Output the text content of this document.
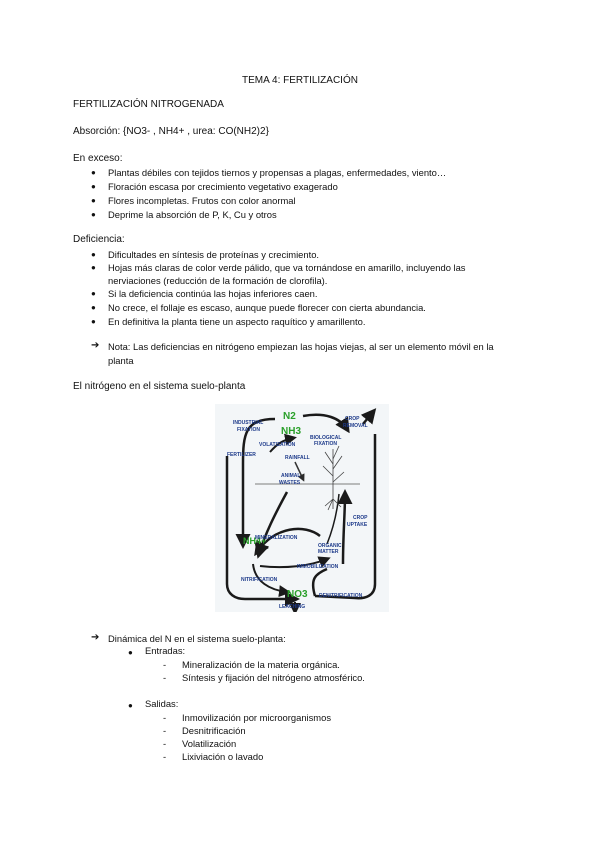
TEMA 4: FERTILIZACIÓN
FERTILIZACIÓN NITROGENADA
Absorción: {NO3- , NH4+ , urea: CO(NH2)2}
En exceso:
● Plantas débiles con tejidos tiernos y propensas a plagas, enfermedades, viento…
● Floración escasa por crecimiento vegetativo exagerado
● Flores incompletas. Frutos con color anormal
● Deprime la absorción de P, K, Cu y otros
Deficiencia:
● Dificultades en síntesis de proteínas y crecimiento.
● Hojas más claras de color verde pálido, que va tornándose en amarillo, incluyendo las
nerviaciones (reducción de la formación de clorofila).
● Si la deficiencia continúa las hojas inferiores caen.
● No crece, el follaje es escaso, aunque puede florecer con cierta abundancia.
● En definitiva la planta tiene un aspecto raquítico y amarillento.
➔ Nota: Las deficiencias en nitrógeno empiezan las hojas viejas, al ser un elemento móvil en la
planta
El nitrógeno en el sistema suelo-planta
N2
NH3
NH4+
NO3
INDUSTRIAL
FIXATION
VOLATIZATION
BIOLOGICAL
FIXATION
CROP
REMOVAL
FERTILIZER	RAINFALL
ANIMAL
WASTES
CROP
UPTAKE
MINERALIZATION
ORGANIC
MATTER
IMMOBILIZATION
NITRIFICATION
DENITRIFICATION
LEACHING
➔ Dinámica del N en el sistema suelo-planta:
● Entradas:
- Mineralización de la materia orgánica.
- Síntesis y fijación del nitrógeno atmosférico.
● Salidas:
- Inmovilización por microorganismos
- Desnitrificación
- Volatilización
- Lixiviación o lavado
